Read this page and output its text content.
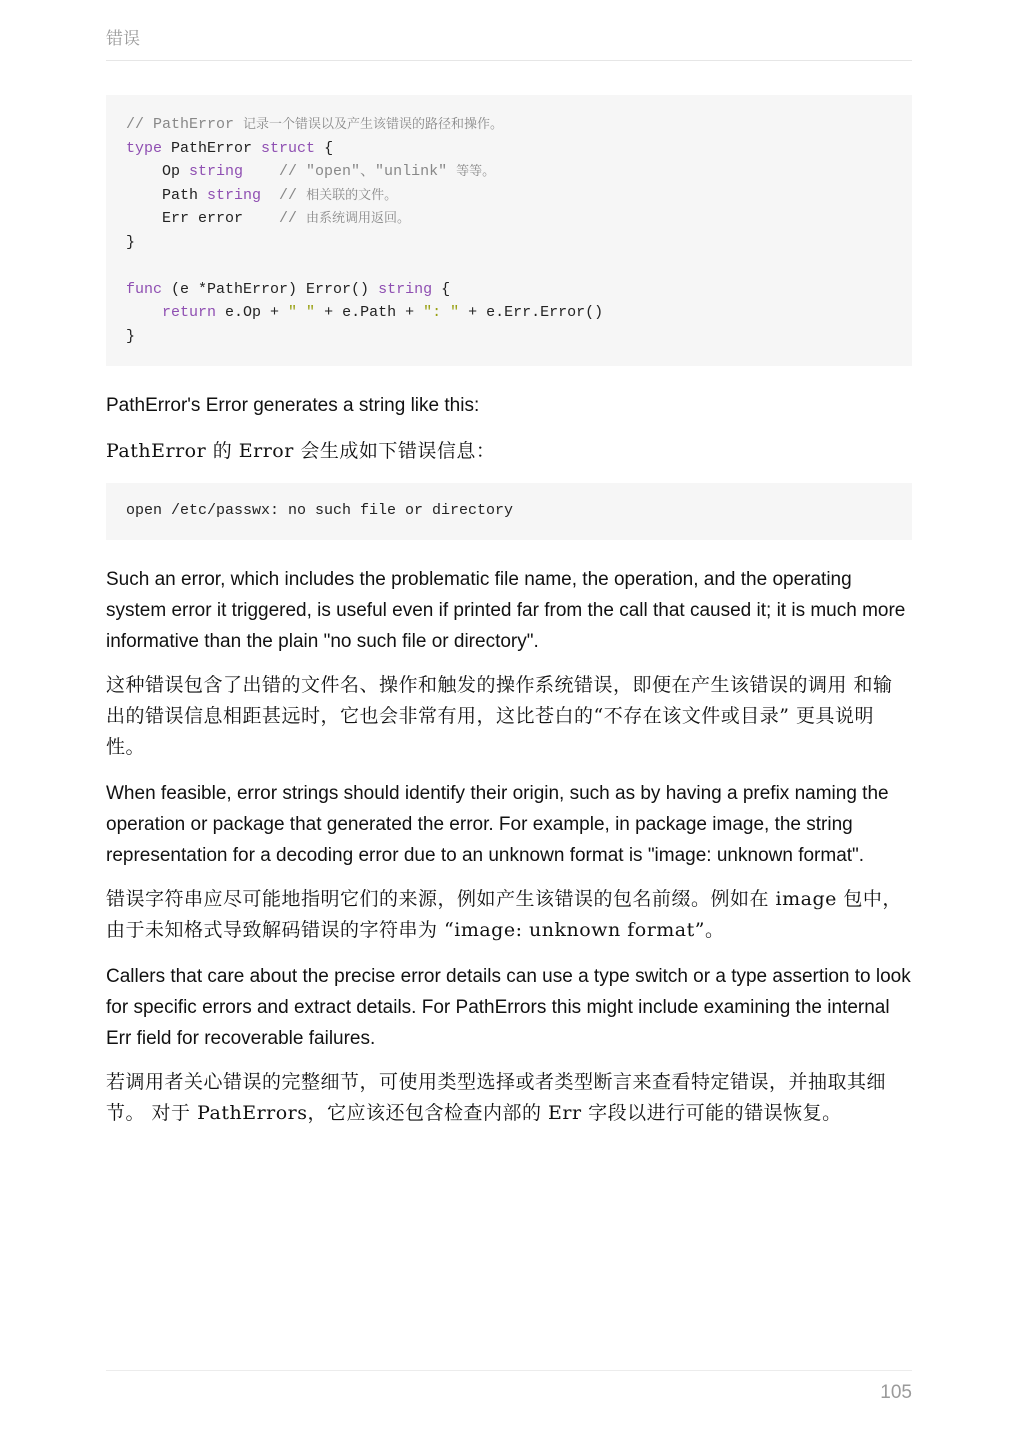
错误
// PathError 记录一个错误以及产生该错误的路径和操作。
type PathError struct {
Op string // "open"、"unlink" 等等。
Path string // 相关联的文件。
Err error    // 由系统调用返回。
}
func (e *PathError) Error() string {
return e.Op + " " + e.Path + ": " + e.Err.Error()
}

PathError's Error generates a string like this:

PathError 的 Error 会生成如下错误信息：

open /etc/passwx: no such file or directory

Such an error, which includes the problematic file name, the operation, and the operating system error it triggered, is useful even if printed far from the call that caused it; it is much more informative than the plain "no such file or directory".

这种错误包含了出错的文件名、操作和触发的操作系统错误，即便在产生该错误的调用 和输出的错误信息相距甚远时，它也会非常有用，这比苍白的“不存在该文件或目录” 更具说明性。

When feasible, error strings should identify their origin, such as by having a prefix naming the operation or package that generated the error. For example, in package image, the string representation for a decoding error due to an unknown format is "image: unknown format".

错误字符串应尽可能地指明它们的来源，例如产生该错误的包名前缀。例如在 image 包中，由于未知格式导致解码错误的字符串为 “image: unknown format”。

Callers that care about the precise error details can use a type switch or a type assertion to look for specific errors and extract details. For PathErrors this might include examining the internal Err field for recoverable failures.

若调用者关心错误的完整细节，可使用类型选择或者类型断言来查看特定错误，并抽取其细节。 对于 PathErrors，它应该还包含检查内部的 Err 字段以进行可能的错误恢复。

105
